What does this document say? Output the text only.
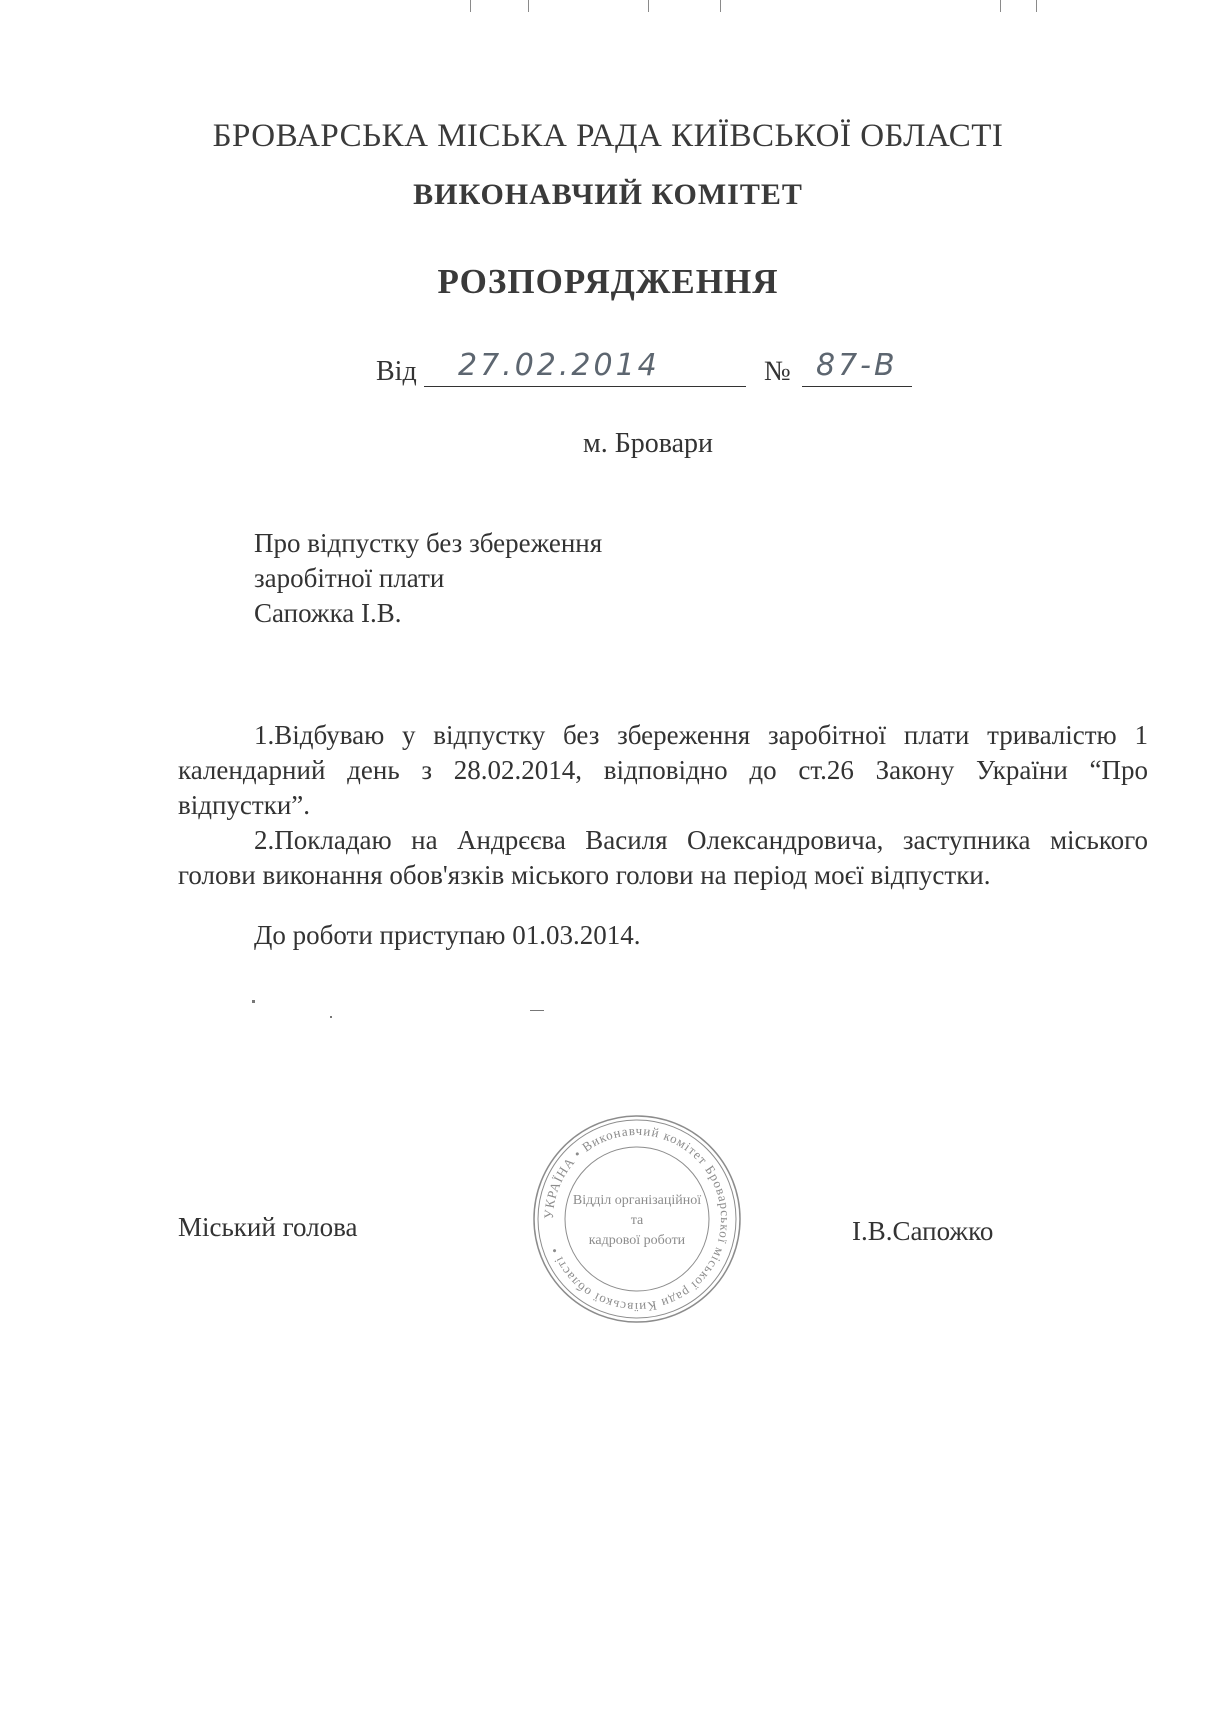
БРОВАРСЬКА МІСЬКА РАДА КИЇВСЬКОЇ ОБЛАСТІ
ВИКОНАВЧИЙ КОМІТЕТ
РОЗПОРЯДЖЕННЯ
Від 27.02.2014	№ 87-В
м. Бровари
Про відпустку без збереження
заробітної плати
Сапожка І.В.

1.Відбуваю у відпустку без збереження заробітної плати тривалістю 1 календарний день з 28.02.2014, відповідно до ст.26 Закону України “Про відпустки”.

2.Покладаю на Андрєєва Василя Олександровича, заступника міського голови виконання обов'язків міського голови на період моєї відпустки.

До роботи приступаю 01.03.2014.
УКРАЇНА • Виконавчий комітет Броварської міської ради Київської області •
Відділ організаційної
та
кадрової роботи
Міський голова	І.В.Сапожко
